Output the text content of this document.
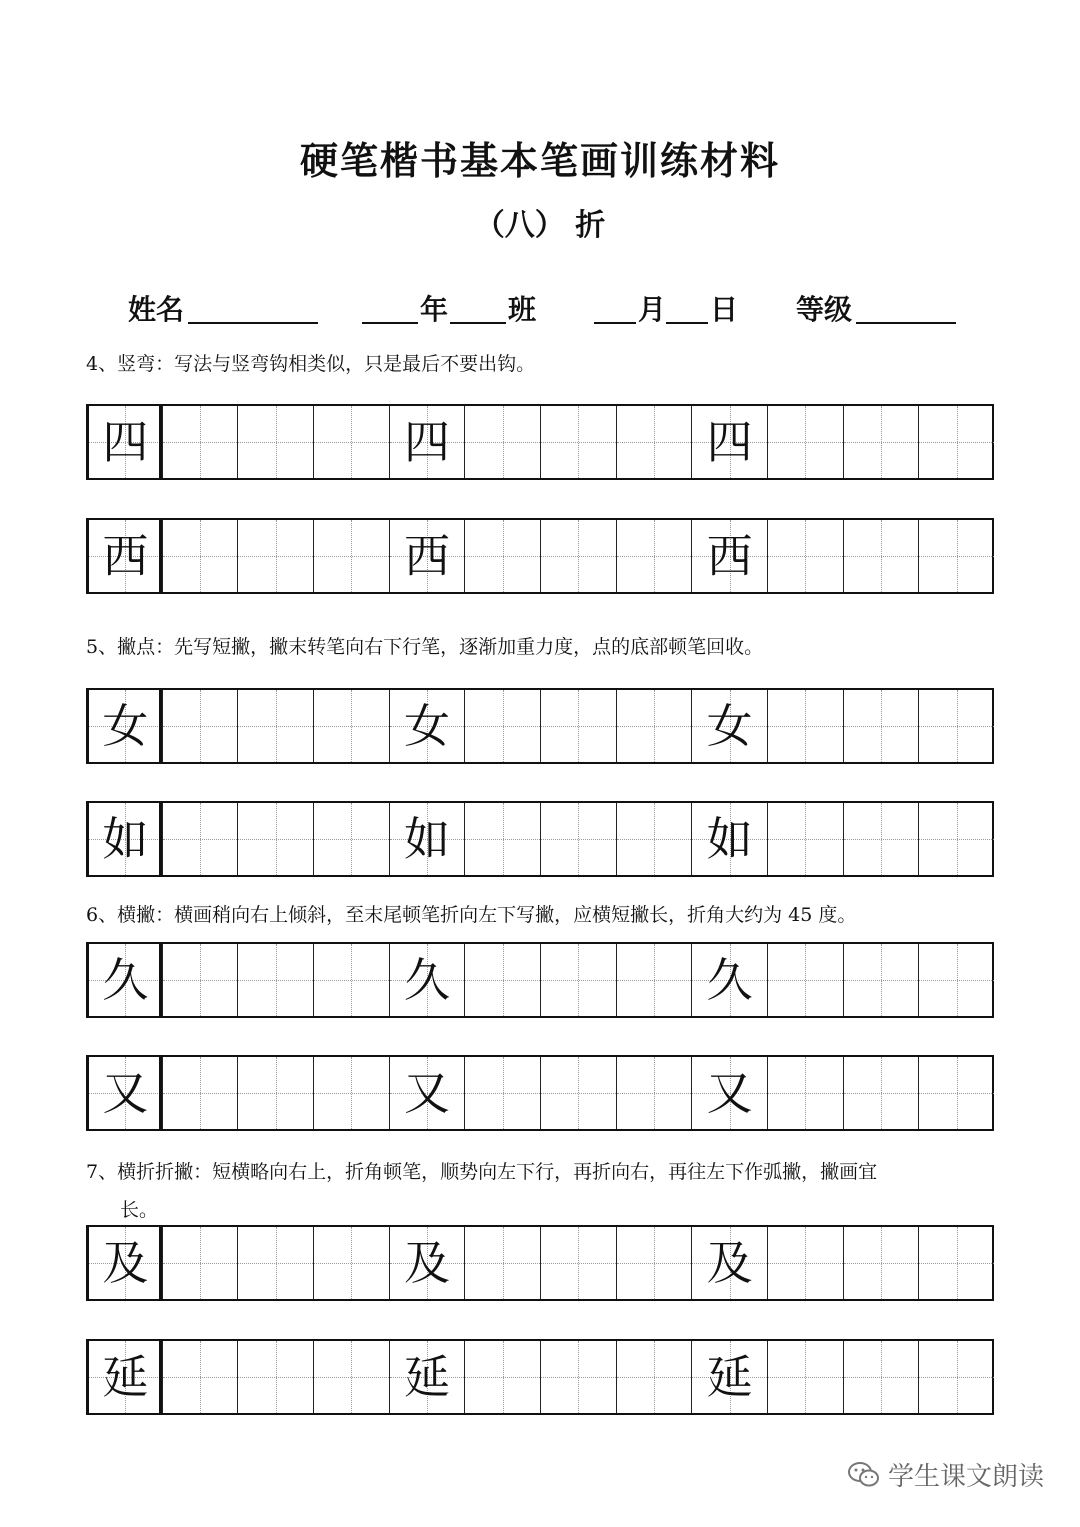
硬笔楷书基本笔画训练材料
（八） 折
姓名	年 班	月 日 等级
4、竖弯：写法与竖弯钩相类似，只是最后不要出钩。
四	四	四
西	西	西
5、撇点：先写短撇，撇末转笔向右下行笔，逐渐加重力度，点的底部顿笔回收。
女	女	女
如	如	如
6、横撇：横画稍向右上倾斜，至末尾顿笔折向左下写撇，应横短撇长，折角大约为 45 度。
久	久	久
又	又	又
7、横折折撇：短横略向右上，折角顿笔，顺势向左下行，再折向右，再往左下作弧撇，撇画宜
长。
及	及	及
延	延	延
学生课文朗读
